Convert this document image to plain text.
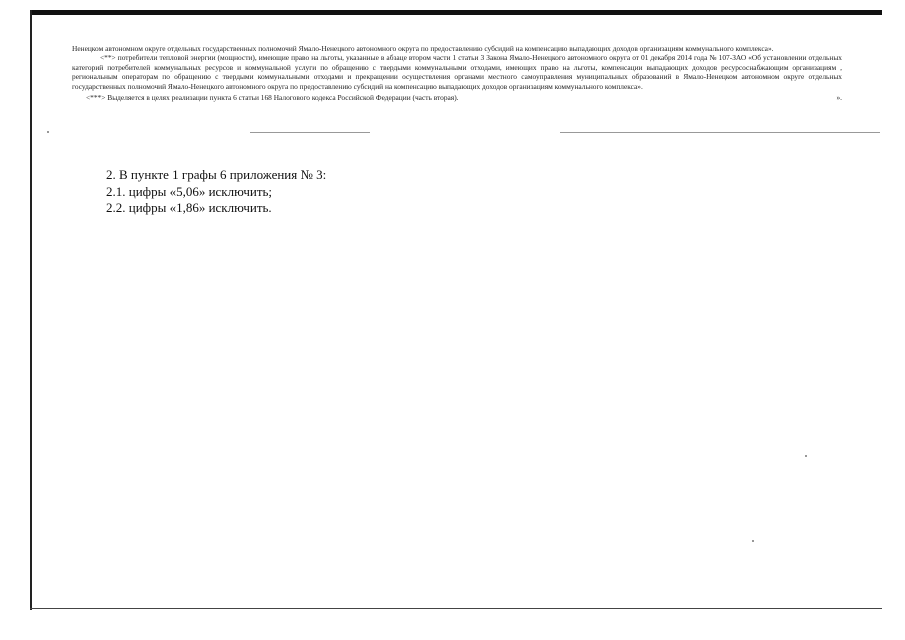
Ненецком автономном округе отдельных государственных полномочий Ямало-Ненецкого автономного округа по предоставлению субсидий на компенсацию выпадающих доходов организациям коммунального комплекса».

<**> потребители тепловой энергии (мощности), имеющие право на льготы, указанные в абзаце втором части 1 статьи 3 Закона Ямало-Ненецкого автономного округа от 01 декабря 2014 года № 107-ЗАО «Об установлении отдельных категорий потребителей коммунальных ресурсов и коммунальной услуги по обращению с твердыми коммунальными отходами, имеющих право на льготы, компенсации выпадающих доходов ресурсоснабжающим организациям , региональным операторам по обращению с твердыми коммунальными отходами и прекращении осуществления органами местного самоуправления муниципальных образований в Ямало-Ненецком автономном округе отдельных государственных полномочий Ямало-Ненецкого автономного округа по предоставлению субсидий на компенсацию выпадающих доходов организациям коммунального комплекса».

<***> Выделяется в целях реализации пункта 6 статьи 168 Налогового кодекса Российской Федерации (часть вторая).	».

2. В пункте 1 графы 6 приложения № 3:
2.1. цифры «5,06» исключить;
2.2. цифры «1,86» исключить.
